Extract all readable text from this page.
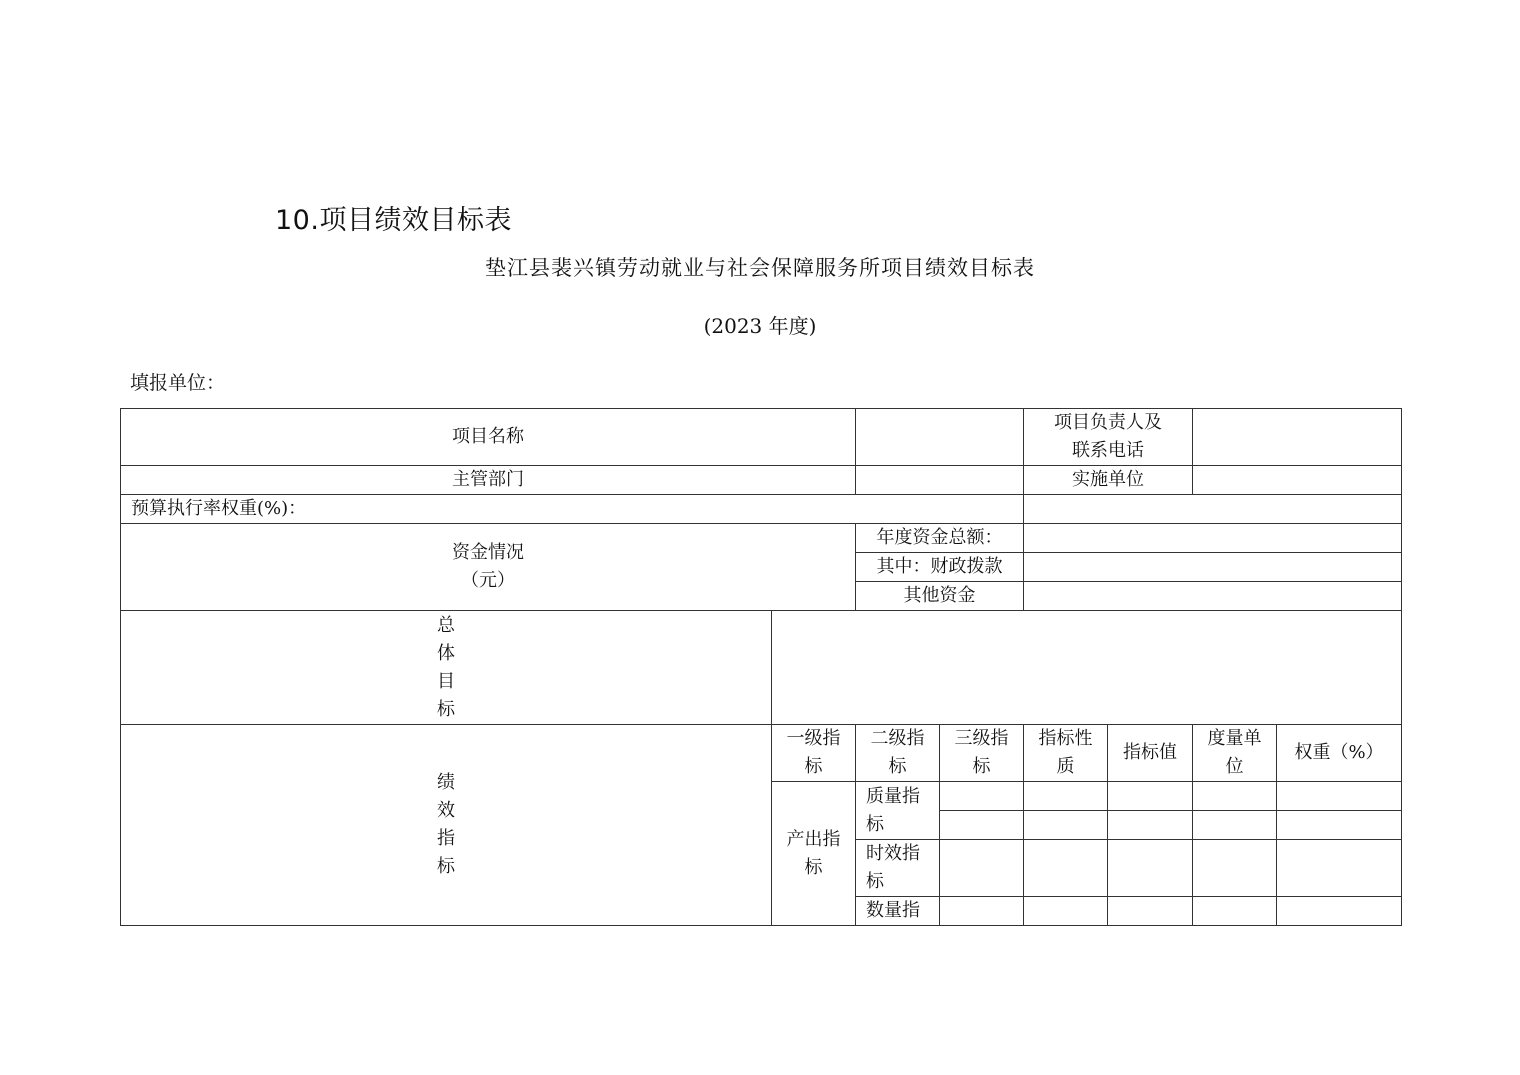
10.项目绩效目标表
垫江县裴兴镇劳动就业与社会保障服务所项目绩效目标表
(2023 年度)
填报单位：
项目名称				项目负责人及联系电话			
主管部门				实施单位			
预算执行率权重(%)：							

资金情况
（元）		年度资金总额：					
		其中：财政拨款					
		其他资金					
总体目标							
绩效指标	一级指标	二级指标	三级指标	指标性质	指标值	度量单位	权重（%）
	产出指标	质量指标					

		时效指标					
		数量指					
